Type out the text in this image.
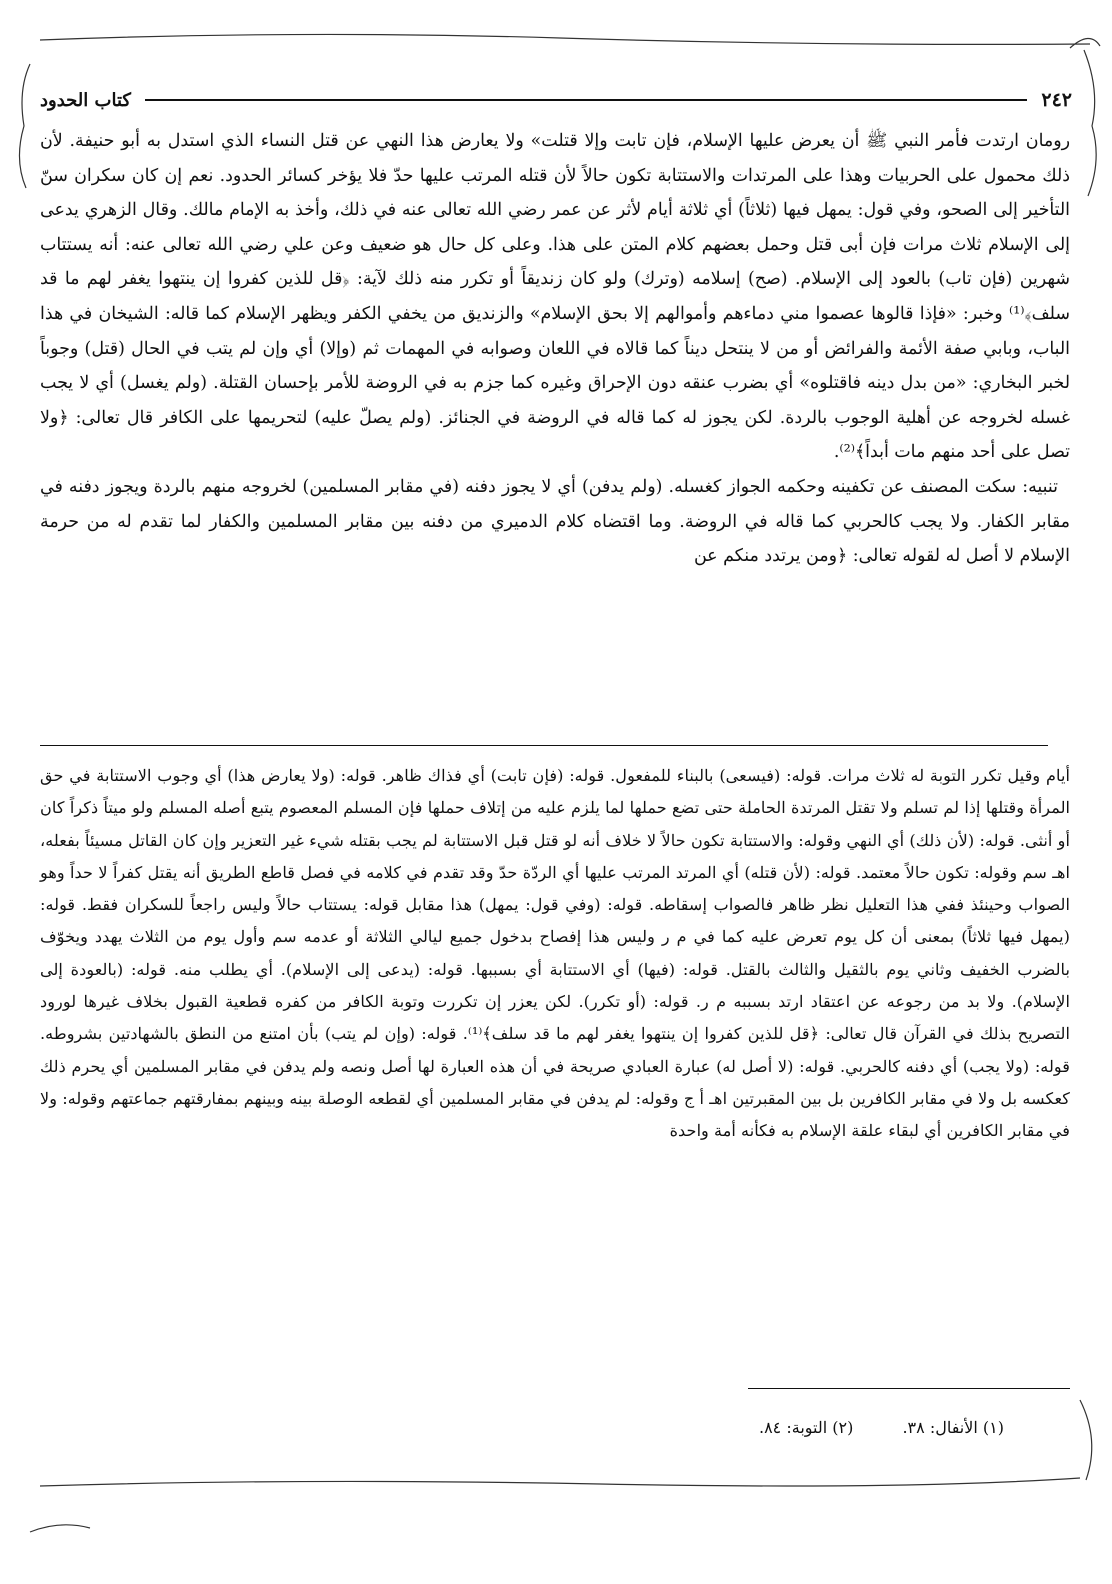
٢٤٢
كتاب الحدود

رومان ارتدت فأمر النبي ﷺ أن يعرض عليها الإسلام، فإن تابت وإلا قتلت» ولا يعارض هذا النهي عن قتل النساء الذي استدل به أبو حنيفة. لأن ذلك محمول على الحربيات وهذا على المرتدات والاستتابة تكون حالاً لأن قتله المرتب عليها حدّ فلا يؤخر كسائر الحدود. نعم إن كان سكران سنّ التأخير إلى الصحو، وفي قول: يمهل فيها (ثلاثاً) أي ثلاثة أيام لأثر عن عمر رضي الله تعالى عنه في ذلك، وأخذ به الإمام مالك. وقال الزهري يدعى إلى الإسلام ثلاث مرات فإن أبى قتل وحمل بعضهم كلام المتن على هذا. وعلى كل حال هو ضعيف وعن علي رضي الله تعالى عنه: أنه يستتاب شهرين (فإن تاب) بالعود إلى الإسلام. (صح) إسلامه (وترك) ولو كان زنديقاً أو تكرر منه ذلك لآية: ﴿قل للذين كفروا إن ينتهوا يغفر لهم ما قد سلف﴾⁽¹⁾ وخبر: «فإذا قالوها عصموا مني دماءهم وأموالهم إلا بحق الإسلام» والزنديق من يخفي الكفر ويظهر الإسلام كما قاله: الشيخان في هذا الباب، وبابي صفة الأئمة والفرائض أو من لا ينتحل ديناً كما قالاه في اللعان وصوابه في المهمات ثم (وإلا) أي وإن لم يتب في الحال (قتل) وجوباً لخبر البخاري: «من بدل دينه فاقتلوه» أي بضرب عنقه دون الإحراق وغيره كما جزم به في الروضة للأمر بإحسان القتلة. (ولم يغسل) أي لا يجب غسله لخروجه عن أهلية الوجوب بالردة. لكن يجوز له كما قاله في الروضة في الجنائز. (ولم يصلّ عليه) لتحريمها على الكافر قال تعالى: ﴿ولا تصل على أحد منهم مات أبداً﴾⁽²⁾.

تنبيه: سكت المصنف عن تكفينه وحكمه الجواز كغسله. (ولم يدفن) أي لا يجوز دفنه (في مقابر المسلمين) لخروجه منهم بالردة ويجوز دفنه في مقابر الكفار. ولا يجب كالحربي كما قاله في الروضة. وما اقتضاه كلام الدميري من دفنه بين مقابر المسلمين والكفار لما تقدم له من حرمة الإسلام لا أصل له لقوله تعالى: ﴿ومن يرتدد منكم عن

أيام وقيل تكرر التوبة له ثلاث مرات. قوله: (فيسعى) بالبناء للمفعول. قوله: (فإن تابت) أي فذاك ظاهر. قوله: (ولا يعارض هذا) أي وجوب الاستتابة في حق المرأة وقتلها إذا لم تسلم ولا تقتل المرتدة الحاملة حتى تضع حملها لما يلزم عليه من إتلاف حملها فإن المسلم المعصوم يتبع أصله المسلم ولو ميتاً ذكراً كان أو أنثى. قوله: (لأن ذلك) أي النهي وقوله: والاستتابة تكون حالاً لا خلاف أنه لو قتل قبل الاستتابة لم يجب بقتله شيء غير التعزير وإن كان القاتل مسيئاً بفعله، اهـ سم وقوله: تكون حالاً معتمد. قوله: (لأن قتله) أي المرتد المرتب عليها أي الردّة حدّ وقد تقدم في كلامه في فصل قاطع الطريق أنه يقتل كفراً لا حداً وهو الصواب وحينئذ ففي هذا التعليل نظر ظاهر فالصواب إسقاطه. قوله: (وفي قول: يمهل) هذا مقابل قوله: يستتاب حالاً وليس راجعاً للسكران فقط. قوله: (يمهل فيها ثلاثاً) بمعنى أن كل يوم تعرض عليه كما في م ر وليس هذا إفصاح بدخول جميع ليالي الثلاثة أو عدمه سم وأول يوم من الثلاث يهدد ويخوّف بالضرب الخفيف وثاني يوم بالثقيل والثالث بالقتل. قوله: (فيها) أي الاستتابة أي بسببها. قوله: (يدعى إلى الإسلام). أي يطلب منه. قوله: (بالعودة إلى الإسلام). ولا بد من رجوعه عن اعتقاد ارتد بسببه م ر. قوله: (أو تكرر). لكن يعزر إن تكررت وتوبة الكافر من كفره قطعية القبول بخلاف غيرها لورود التصريح بذلك في القرآن قال تعالى: ﴿قل للذين كفروا إن ينتهوا يغفر لهم ما قد سلف﴾⁽¹⁾. قوله: (وإن لم يتب) بأن امتنع من النطق بالشهادتين بشروطه. قوله: (ولا يجب) أي دفنه كالحربي. قوله: (لا أصل له) عبارة العبادي صريحة في أن هذه العبارة لها أصل ونصه ولم يدفن في مقابر المسلمين أي يحرم ذلك كعكسه بل ولا في مقابر الكافرين بل بين المقبرتين اهـ أ ج وقوله: لم يدفن في مقابر المسلمين أي لقطعه الوصلة بينه وبينهم بمفارقتهم جماعتهم وقوله: ولا في مقابر الكافرين أي لبقاء علقة الإسلام به فكأنه أمة واحدة

(١) الأنفال: ٣٨. (٢) التوبة: ٨٤.
